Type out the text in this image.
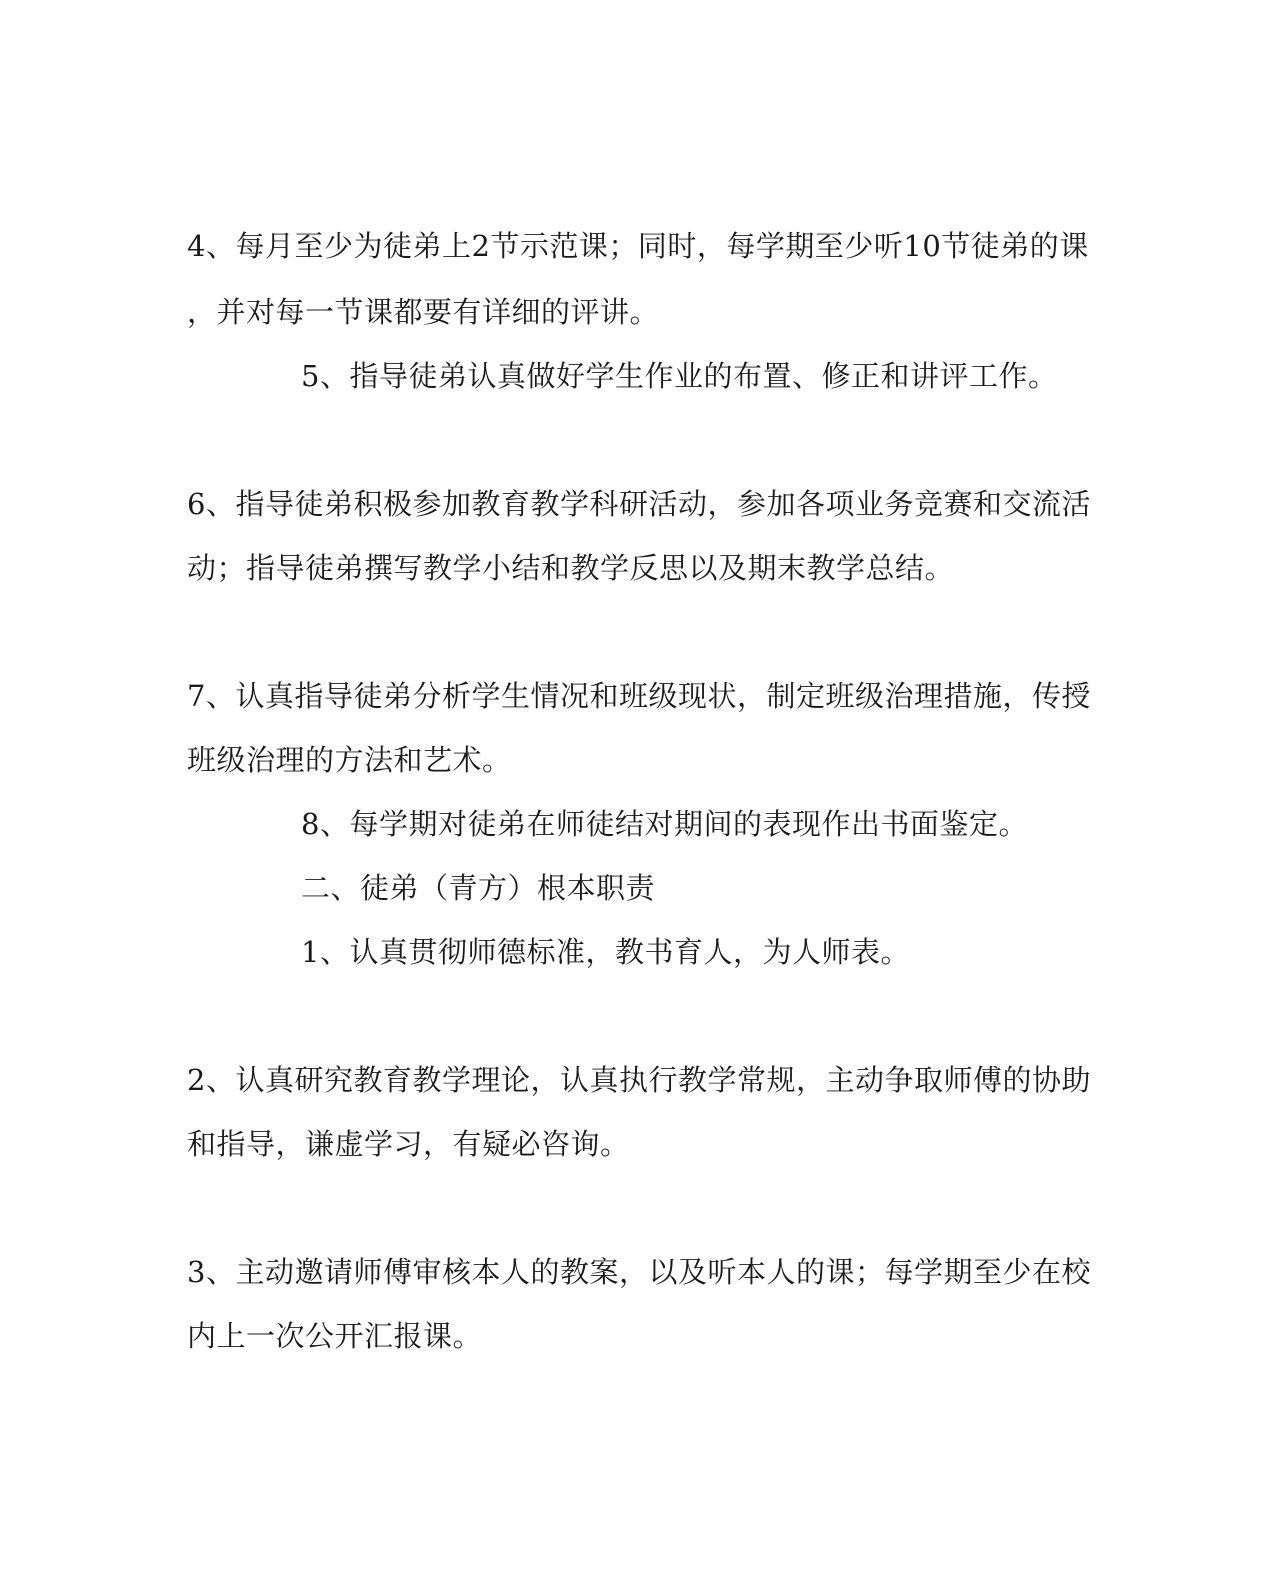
4、每月至少为徒弟上2节示范课；同时，每学期至少听10节徒弟的课
，并对每一节课都要有详细的评讲。
5、指导徒弟认真做好学生作业的布置、修正和讲评工作。
6、指导徒弟积极参加教育教学科研活动，参加各项业务竞赛和交流活
动；指导徒弟撰写教学小结和教学反思以及期末教学总结。
7、认真指导徒弟分析学生情况和班级现状，制定班级治理措施，传授
班级治理的方法和艺术。
8、每学期对徒弟在师徒结对期间的表现作出书面鉴定。
二、徒弟（青方）根本职责
1、认真贯彻师德标准，教书育人，为人师表。
2、认真研究教育教学理论，认真执行教学常规，主动争取师傅的协助
和指导，谦虚学习，有疑必咨询。
3、主动邀请师傅审核本人的教案，以及听本人的课；每学期至少在校
内上一次公开汇报课。
